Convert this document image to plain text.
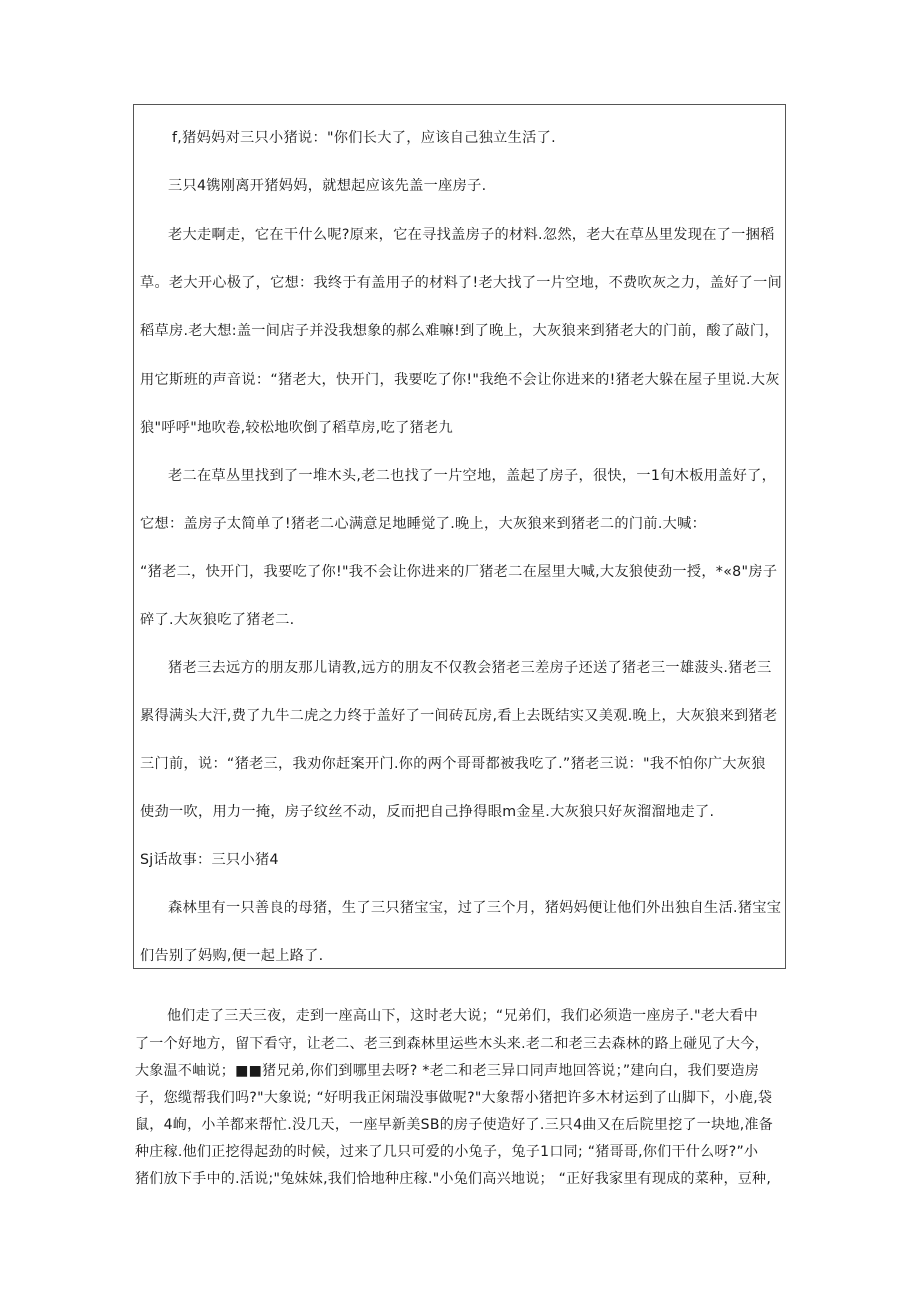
f,猪妈妈对三只小猪说："你们长大了，应该自己独立生活了.
三只4镌刚离开猪妈妈，就想起应该先盖一座房子.
老大走啊走，它在干什么呢?原来，它在寻找盖房子的材料.忽然，老大在草丛里发现在了一捆稻
草。老大开心极了，它想：我终于有盖用子的材料了!老大找了一片空地，不费吹灰之力，盖好了一间
稻草房.老大想:盖一间店子并没我想象的郝么难嘛!到了晚上，大灰狼来到猪老大的门前，酸了敲门，
用它斯班的声音说：“猪老大，快开门，我要吃了你!"我绝不会让你进来的!猪老大躲在屋子里说.大灰
狼"呼呼"地吹卷,较松地吹倒了稻草房,吃了猪老九
老二在草丛里找到了一堆木头,老二也找了一片空地，盖起了房子，很快，一1旬木板用盖好了，
它想：盖房子太简单了!猪老二心满意足地睡觉了.晚上，大灰狼来到猪老二的门前.大喊：
“猪老二，快开门，我要吃了你!"我不会让你进来的厂猪老二在屋里大喊,大友狼使劲一授，*«8"房子
碎了.大灰狼吃了猪老二.
猪老三去远方的朋友那儿请教,远方的朋友不仅教会猪老三差房子还送了猪老三一雄菠头.猪老三
累得满头大汗,费了九牛二虎之力终于盖好了一间砖瓦房,看上去既结实又美观.晚上，大灰狼来到猪老
三门前，说：“猪老三，我劝你赶案开门.你的两个哥哥都被我吃了.”猪老三说："我不怕你广大灰狼
使劲一吹，用力一掩，房子纹丝不动，反而把自己挣得眼m金星.大灰狼只好灰溜溜地走了.
Sj话故事：三只小猪4
森林里有一只善良的母猪，生了三只猪宝宝，过了三个月，猪妈妈便让他们外出独自生活.猪宝宝
们告别了妈购,便一起上路了.
他们走了三天三夜，走到一座高山下，这时老大说；“兄弟们，我们必须造一座房子."老大看中
了一个好地方，留下看守，让老二、老三到森林里运些木头来.老二和老三去森林的路上碰见了大今，
大象温不岫说；■■猪兄弟,你们到哪里去呀? *老二和老三异口同声地回答说；”建向白，我们要造房
子，您缆帮我们吗?"大象说; “好明我正闲瑞没事做呢?"大象帮小猪把许多木材运到了山脚下，小鹿,袋
鼠，4峋，小羊都来帮忙.没几天，一座早新美SB的房子使造好了.三只4曲又在后院里挖了一块地,准备
种庄稼.他们正挖得起劲的时候，过来了几只可爱的小兔子，兔子1口同; “猪哥哥,你们干什么呀?”小
猪们放下手中的.活说;"兔妹妹,我们恰地种庄稼."小兔们高兴地说； “正好我家里有现成的菜种，豆种,
